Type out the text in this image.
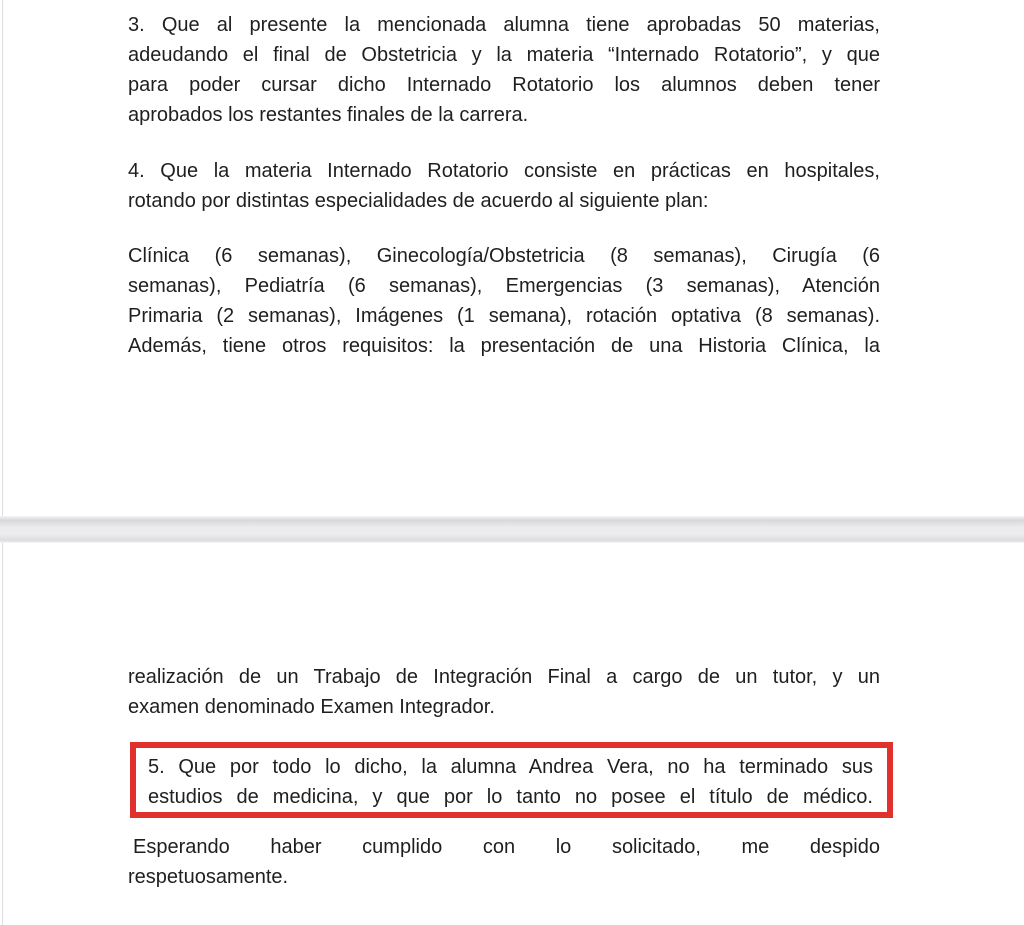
3. Que al presente la mencionada alumna tiene aprobadas 50 materias,
adeudando el final de Obstetricia y la materia “Internado Rotatorio”, y que
para poder cursar dicho Internado Rotatorio los alumnos deben tener
aprobados los restantes finales de la carrera.
4. Que la materia Internado Rotatorio consiste en prácticas en hospitales,
rotando por distintas especialidades de acuerdo al siguiente plan:
Clínica (6 semanas), Ginecología/Obstetricia (8 semanas), Cirugía (6
semanas), Pediatría (6 semanas), Emergencias (3 semanas), Atención
Primaria (2 semanas), Imágenes (1 semana), rotación optativa (8 semanas).
Además, tiene otros requisitos: la presentación de una Historia Clínica, la
realización de un Trabajo de Integración Final a cargo de un tutor, y un
examen denominado Examen Integrador.
5. Que por todo lo dicho, la alumna Andrea Vera, no ha terminado sus
estudios de medicina, y que por lo tanto no posee el título de médico.
Esperando haber cumplido con lo solicitado, me despido
respetuosamente.
